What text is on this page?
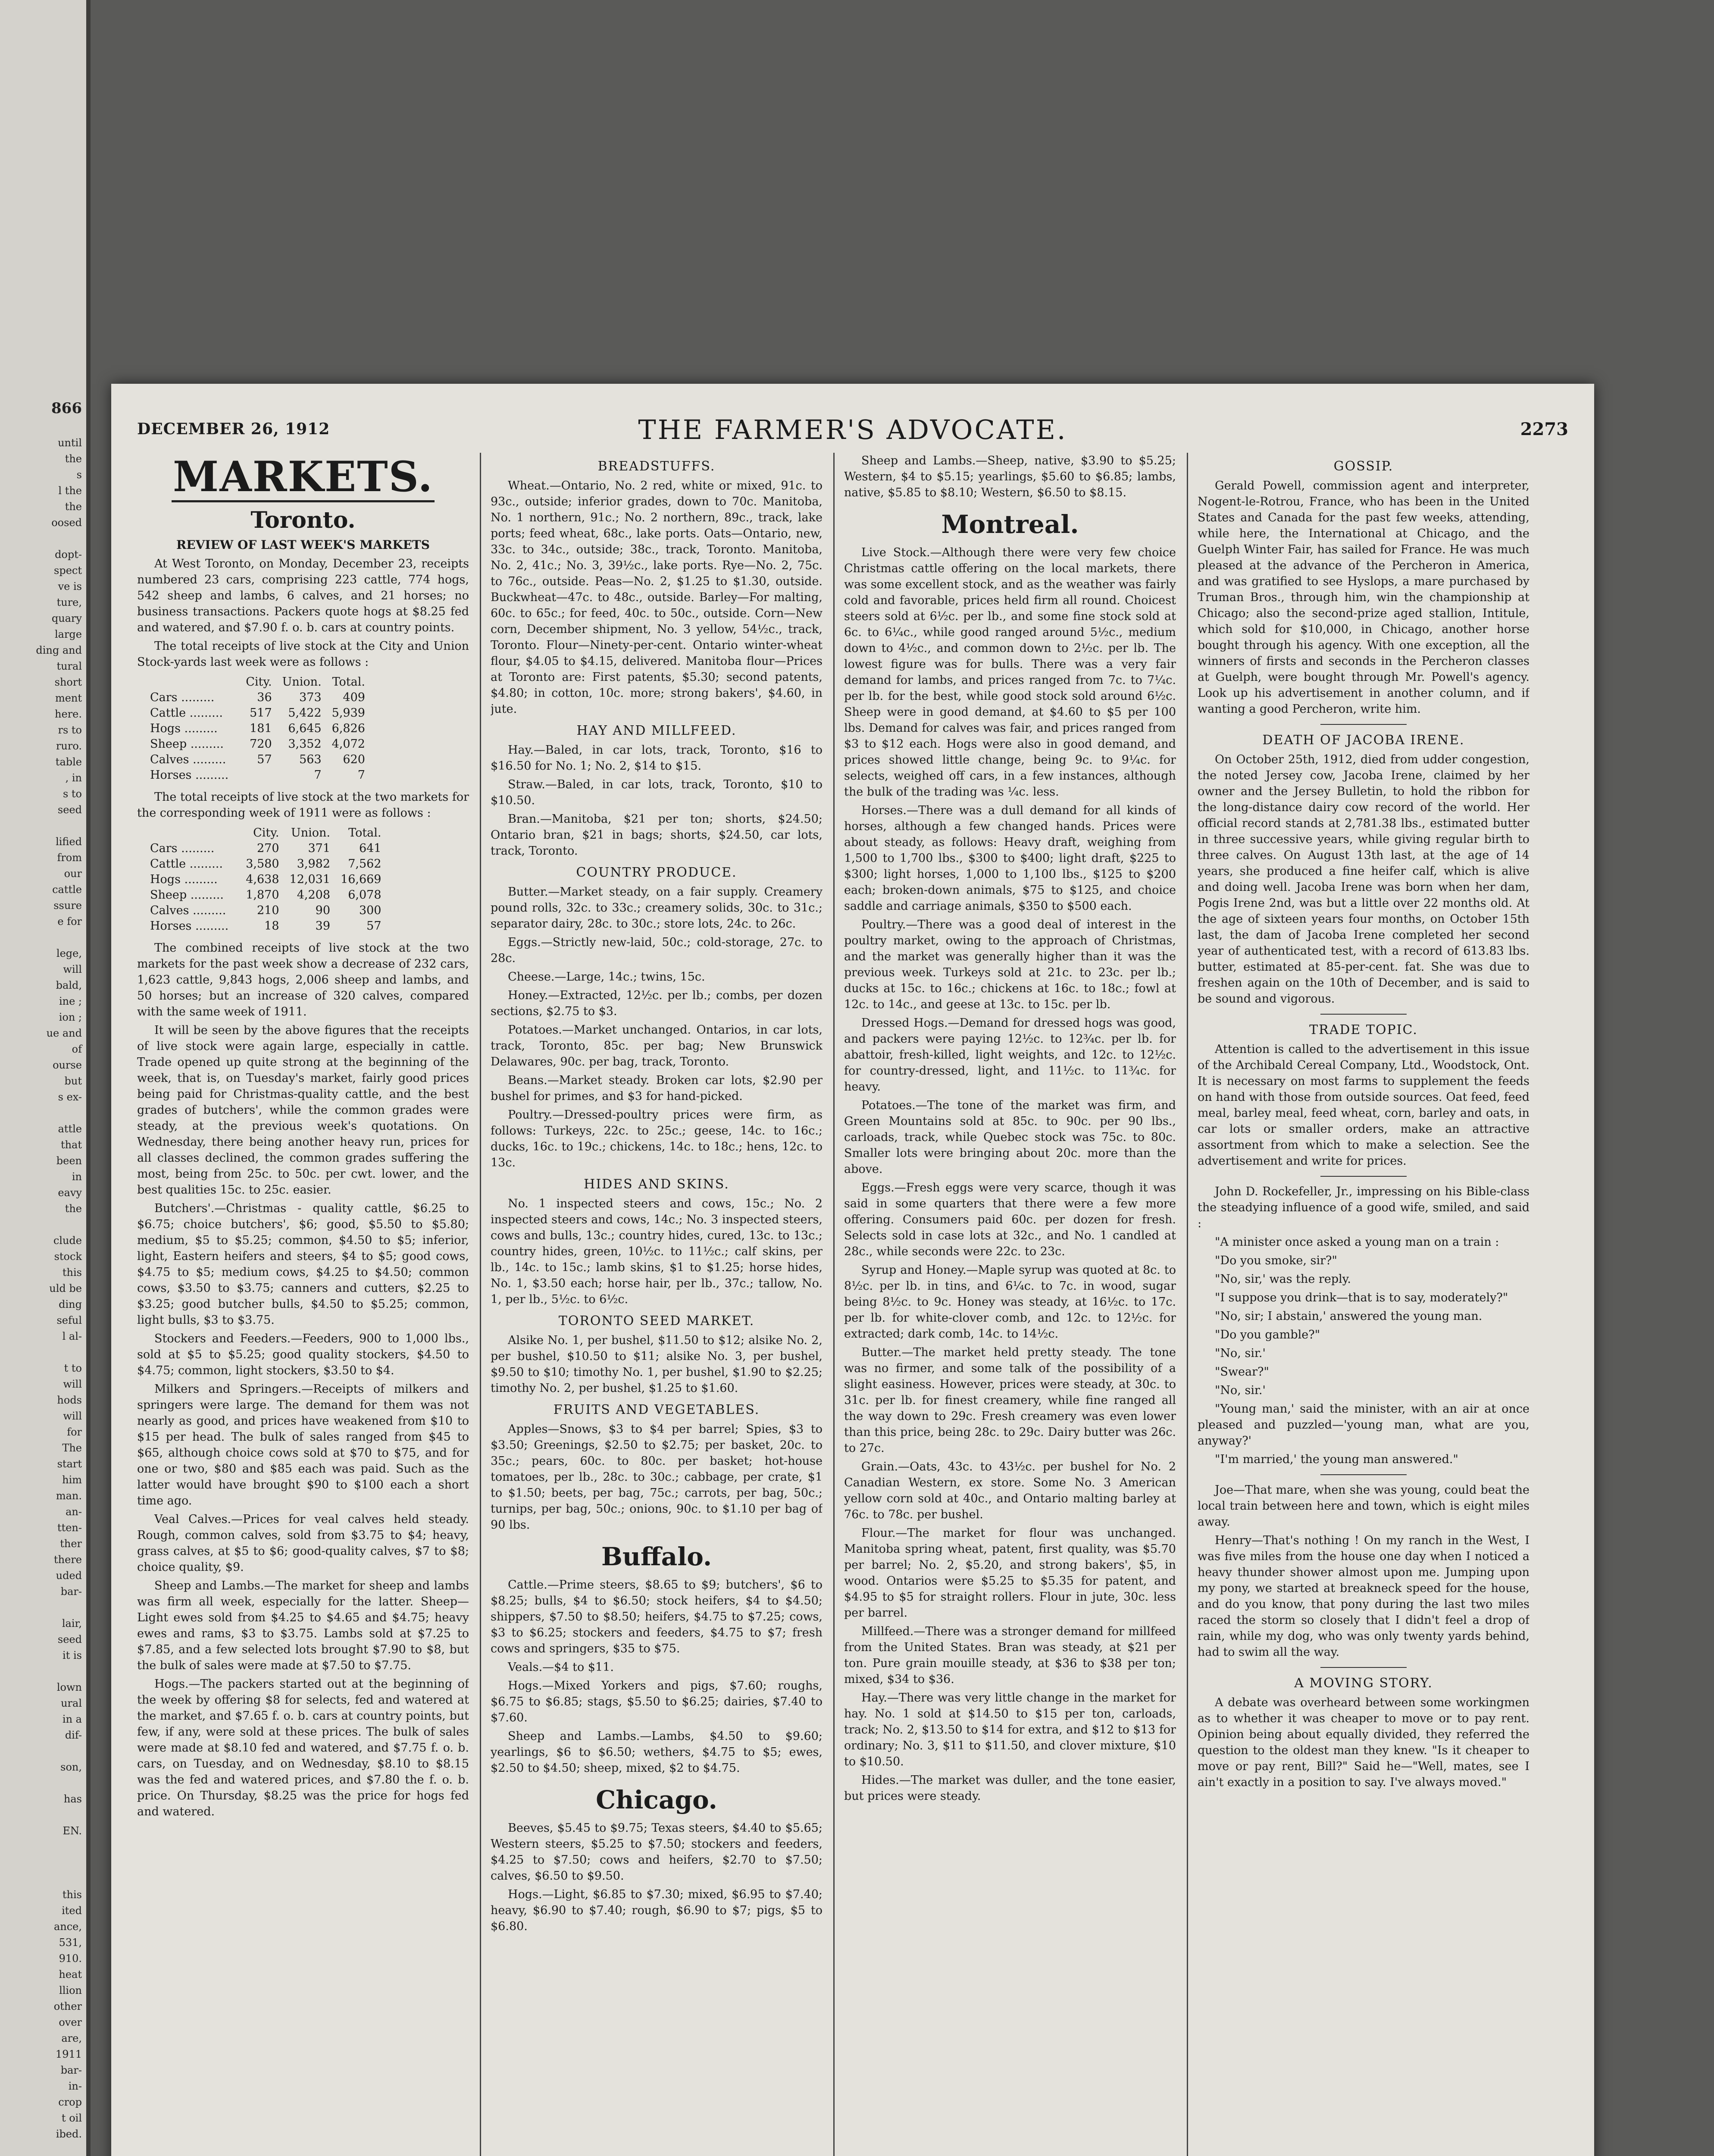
866
until
the
s
l the
the
oosed
dopt-
spect
ve is
ture,
quary
large
ding and
tural
short
ment
here.
rs to
ruro.
table
, in
s to
seed
lified
from
our
cattle
ssure
e for
lege,
will
bald,
ine ;
ion ;
ue and
of
ourse
but
s ex-
attle
that
been
in
eavy
the
clude
stock
this
uld be
ding
seful
l al-
t to
will
hods
will
for
The
start
him
man.
an-
tten-
ther
there
uded
bar-
lair,
seed
it is
lown
ural
in a
dif-
son,
has
EN.
this
ited
ance,
531,
910.
heat
llion
other
over
are,
1911
bar-
in-
crop
t oil
ibed.
DECEMBER 26, 1912	THE FARMER'S ADVOCATE.	2273
MARKETS.
Toronto.
REVIEW OF LAST WEEK'S MARKETS

At West Toronto, on Monday, December 23, receipts numbered 23 cars, comprising 223 cattle, 774 hogs, 542 sheep and lambs, 6 calves, and 21 horses; no business transactions. Packers quote hogs at $8.25 fed and watered, and $7.90 f. o. b. cars at country points.

The total receipts of live stock at the City and Union Stock-yards last week were as follows :

	City.	Union.	Total.
Cars .........	36	373	409
Cattle .........	517	5,422	5,939
Hogs .........	181	6,645	6,826
Sheep .........	720	3,352	4,072
Calves .........	57	563	620
Horses .........		7	7

The total receipts of live stock at the two markets for the corresponding week of 1911 were as follows :

	City.	Union.	Total.
Cars .........	270	371	641
Cattle .........	3,580	3,982	7,562
Hogs .........	4,638	12,031	16,669
Sheep .........	1,870	4,208	6,078
Calves .........	210	90	300
Horses .........	18	39	57

The combined receipts of live stock at the two markets for the past week show a decrease of 232 cars, 1,623 cattle, 9,843 hogs, 2,006 sheep and lambs, and 50 horses; but an increase of 320 calves, compared with the same week of 1911.

It will be seen by the above figures that the receipts of live stock were again large, especially in cattle. Trade opened up quite strong at the beginning of the week, that is, on Tuesday's market, fairly good prices being paid for Christmas-quality cattle, and the best grades of butchers', while the common grades were steady, at the previous week's quotations. On Wednesday, there being another heavy run, prices for all classes declined, the common grades suffering the most, being from 25c. to 50c. per cwt. lower, and the best qualities 15c. to 25c. easier.

Butchers'.—Christmas - quality cattle, $6.25 to $6.75; choice butchers', $6; good, $5.50 to $5.80; medium, $5 to $5.25; common, $4.50 to $5; inferior, light, Eastern heifers and steers, $4 to $5; good cows, $4.75 to $5; medium cows, $4.25 to $4.50; common cows, $3.50 to $3.75; canners and cutters, $2.25 to $3.25; good butcher bulls, $4.50 to $5.25; common, light bulls, $3 to $3.75.

Stockers and Feeders.—Feeders, 900 to 1,000 lbs., sold at $5 to $5.25; good quality stockers, $4.50 to $4.75; common, light stockers, $3.50 to $4.

Milkers and Springers.—Receipts of milkers and springers were large. The demand for them was not nearly as good, and prices have weakened from $10 to $15 per head. The bulk of sales ranged from $45 to $65, although choice cows sold at $70 to $75, and for one or two, $80 and $85 each was paid. Such as the latter would have brought $90 to $100 each a short time ago.

Veal Calves.—Prices for veal calves held steady. Rough, common calves, sold from $3.75 to $4; heavy, grass calves, at $5 to $6; good-quality calves, $7 to $8; choice quality, $9.

Sheep and Lambs.—The market for sheep and lambs was firm all week, especially for the latter. Sheep—Light ewes sold from $4.25 to $4.65 and $4.75; heavy ewes and rams, $3 to $3.75. Lambs sold at $7.25 to $7.85, and a few selected lots brought $7.90 to $8, but the bulk of sales were made at $7.50 to $7.75.

Hogs.—The packers started out at the beginning of the week by offering $8 for selects, fed and watered at the market, and $7.65 f. o. b. cars at country points, but few, if any, were sold at these prices. The bulk of sales were made at $8.10 fed and watered, and $7.75 f. o. b. cars, on Tuesday, and on Wednesday, $8.10 to $8.15 was the fed and watered prices, and $7.80 the f. o. b. price. On Thursday, $8.25 was the price for hogs fed and watered.

BREADSTUFFS.

Wheat.—Ontario, No. 2 red, white or mixed, 91c. to 93c., outside; inferior grades, down to 70c. Manitoba, No. 1 northern, 91c.; No. 2 northern, 89c., track, lake ports; feed wheat, 68c., lake ports. Oats—Ontario, new, 33c. to 34c., outside; 38c., track, Toronto. Manitoba, No. 2, 41c.; No. 3, 39½c., lake ports. Rye—No. 2, 75c. to 76c., outside. Peas—No. 2, $1.25 to $1.30, outside. Buckwheat—47c. to 48c., outside. Barley—For malting, 60c. to 65c.; for feed, 40c. to 50c., outside. Corn—New corn, December shipment, No. 3 yellow, 54½c., track, Toronto. Flour—Ninety-per-cent. Ontario winter-wheat flour, $4.05 to $4.15, delivered. Manitoba flour—Prices at Toronto are: First patents, $5.30; second patents, $4.80; in cotton, 10c. more; strong bakers', $4.60, in jute.

HAY AND MILLFEED.

Hay.—Baled, in car lots, track, Toronto, $16 to $16.50 for No. 1; No. 2, $14 to $15.

Straw.—Baled, in car lots, track, Toronto, $10 to $10.50.

Bran.—Manitoba, $21 per ton; shorts, $24.50; Ontario bran, $21 in bags; shorts, $24.50, car lots, track, Toronto.

COUNTRY PRODUCE.

Butter.—Market steady, on a fair supply. Creamery pound rolls, 32c. to 33c.; creamery solids, 30c. to 31c.; separator dairy, 28c. to 30c.; store lots, 24c. to 26c.

Eggs.—Strictly new-laid, 50c.; cold-storage, 27c. to 28c.

Cheese.—Large, 14c.; twins, 15c.

Honey.—Extracted, 12½c. per lb.; combs, per dozen sections, $2.75 to $3.

Potatoes.—Market unchanged. Ontarios, in car lots, track, Toronto, 85c. per bag; New Brunswick Delawares, 90c. per bag, track, Toronto.

Beans.—Market steady. Broken car lots, $2.90 per bushel for primes, and $3 for hand-picked.

Poultry.—Dressed-poultry prices were firm, as follows: Turkeys, 22c. to 25c.; geese, 14c. to 16c.; ducks, 16c. to 19c.; chickens, 14c. to 18c.; hens, 12c. to 13c.

HIDES AND SKINS.

No. 1 inspected steers and cows, 15c.; No. 2 inspected steers and cows, 14c.; No. 3 inspected steers, cows and bulls, 13c.; country hides, cured, 13c. to 13c.; country hides, green, 10½c. to 11½c.; calf skins, per lb., 14c. to 15c.; lamb skins, $1 to $1.25; horse hides, No. 1, $3.50 each; horse hair, per lb., 37c.; tallow, No. 1, per lb., 5½c. to 6½c.

TORONTO SEED MARKET.

Alsike No. 1, per bushel, $11.50 to $12; alsike No. 2, per bushel, $10.50 to $11; alsike No. 3, per bushel, $9.50 to $10; timothy No. 1, per bushel, $1.90 to $2.25; timothy No. 2, per bushel, $1.25 to $1.60.

FRUITS AND VEGETABLES.

Apples—Snows, $3 to $4 per barrel; Spies, $3 to $3.50; Greenings, $2.50 to $2.75; per basket, 20c. to 35c.; pears, 60c. to 80c. per basket; hot-house tomatoes, per lb., 28c. to 30c.; cabbage, per crate, $1 to $1.50; beets, per bag, 75c.; carrots, per bag, 50c.; turnips, per bag, 50c.; onions, 90c. to $1.10 per bag of 90 lbs.

Buffalo.

Cattle.—Prime steers, $8.65 to $9; butchers', $6 to $8.25; bulls, $4 to $6.50; stock heifers, $4 to $4.50; shippers, $7.50 to $8.50; heifers, $4.75 to $7.25; cows, $3 to $6.25; stockers and feeders, $4.75 to $7; fresh cows and springers, $35 to $75.

Veals.—$4 to $11.

Hogs.—Mixed Yorkers and pigs, $7.60; roughs, $6.75 to $6.85; stags, $5.50 to $6.25; dairies, $7.40 to $7.60.

Sheep and Lambs.—Lambs, $4.50 to $9.60; yearlings, $6 to $6.50; wethers, $4.75 to $5; ewes, $2.50 to $4.50; sheep, mixed, $2 to $4.75.

Chicago.

Beeves, $5.45 to $9.75; Texas steers, $4.40 to $5.65; Western steers, $5.25 to $7.50; stockers and feeders, $4.25 to $7.50; cows and heifers, $2.70 to $7.50; calves, $6.50 to $9.50.

Hogs.—Light, $6.85 to $7.30; mixed, $6.95 to $7.40; heavy, $6.90 to $7.40; rough, $6.90 to $7; pigs, $5 to $6.80.

Sheep and Lambs.—Sheep, native, $3.90 to $5.25; Western, $4 to $5.15; yearlings, $5.60 to $6.85; lambs, native, $5.85 to $8.10; Western, $6.50 to $8.15.

Montreal.

Live Stock.—Although there were very few choice Christmas cattle offering on the local markets, there was some excellent stock, and as the weather was fairly cold and favorable, prices held firm all round. Choicest steers sold at 6½c. per lb., and some fine stock sold at 6c. to 6¼c., while good ranged around 5½c., medium down to 4½c., and common down to 2½c. per lb. The lowest figure was for bulls. There was a very fair demand for lambs, and prices ranged from 7c. to 7¼c. per lb. for the best, while good stock sold around 6½c. Sheep were in good demand, at $4.60 to $5 per 100 lbs. Demand for calves was fair, and prices ranged from $3 to $12 each. Hogs were also in good demand, and prices showed little change, being 9c. to 9¼c. for selects, weighed off cars, in a few instances, although the bulk of the trading was ¼c. less.

Horses.—There was a dull demand for all kinds of horses, although a few changed hands. Prices were about steady, as follows: Heavy draft, weighing from 1,500 to 1,700 lbs., $300 to $400; light draft, $225 to $300; light horses, 1,000 to 1,100 lbs., $125 to $200 each; broken-down animals, $75 to $125, and choice saddle and carriage animals, $350 to $500 each.

Poultry.—There was a good deal of interest in the poultry market, owing to the approach of Christmas, and the market was generally higher than it was the previous week. Turkeys sold at 21c. to 23c. per lb.; ducks at 15c. to 16c.; chickens at 16c. to 18c.; fowl at 12c. to 14c., and geese at 13c. to 15c. per lb.

Dressed Hogs.—Demand for dressed hogs was good, and packers were paying 12½c. to 12¾c. per lb. for abattoir, fresh-killed, light weights, and 12c. to 12½c. for country-dressed, light, and 11½c. to 11¾c. for heavy.

Potatoes.—The tone of the market was firm, and Green Mountains sold at 85c. to 90c. per 90 lbs., carloads, track, while Quebec stock was 75c. to 80c. Smaller lots were bringing about 20c. more than the above.

Eggs.—Fresh eggs were very scarce, though it was said in some quarters that there were a few more offering. Consumers paid 60c. per dozen for fresh. Selects sold in case lots at 32c., and No. 1 candled at 28c., while seconds were 22c. to 23c.

Syrup and Honey.—Maple syrup was quoted at 8c. to 8½c. per lb. in tins, and 6¼c. to 7c. in wood, sugar being 8½c. to 9c. Honey was steady, at 16½c. to 17c. per lb. for white-clover comb, and 12c. to 12½c. for extracted; dark comb, 14c. to 14½c.

Butter.—The market held pretty steady. The tone was no firmer, and some talk of the possibility of a slight easiness. However, prices were steady, at 30c. to 31c. per lb. for finest creamery, while fine ranged all the way down to 29c. Fresh creamery was even lower than this price, being 28c. to 29c. Dairy butter was 26c. to 27c.

Grain.—Oats, 43c. to 43½c. per bushel for No. 2 Canadian Western, ex store. Some No. 3 American yellow corn sold at 40c., and Ontario malting barley at 76c. to 78c. per bushel.

Flour.—The market for flour was unchanged. Manitoba spring wheat, patent, first quality, was $5.70 per barrel; No. 2, $5.20, and strong bakers', $5, in wood. Ontarios were $5.25 to $5.35 for patent, and $4.95 to $5 for straight rollers. Flour in jute, 30c. less per barrel.

Millfeed.—There was a stronger demand for millfeed from the United States. Bran was steady, at $21 per ton. Pure grain mouille steady, at $36 to $38 per ton; mixed, $34 to $36.

Hay.—There was very little change in the market for hay. No. 1 sold at $14.50 to $15 per ton, carloads, track; No. 2, $13.50 to $14 for extra, and $12 to $13 for ordinary; No. 3, $11 to $11.50, and clover mixture, $10 to $10.50.

Hides.—The market was duller, and the tone easier, but prices were steady.

GOSSIP.

Gerald Powell, commission agent and interpreter, Nogent-le-Rotrou, France, who has been in the United States and Canada for the past few weeks, attending, while here, the International at Chicago, and the Guelph Winter Fair, has sailed for France. He was much pleased at the advance of the Percheron in America, and was gratified to see Hyslops, a mare purchased by Truman Bros., through him, win the championship at Chicago; also the second-prize aged stallion, Intitule, which sold for $10,000, in Chicago, another horse bought through his agency. With one exception, all the winners of firsts and seconds in the Percheron classes at Guelph, were bought through Mr. Powell's agency. Look up his advertisement in another column, and if wanting a good Percheron, write him.

DEATH OF JACOBA IRENE.

On October 25th, 1912, died from udder congestion, the noted Jersey cow, Jacoba Irene, claimed by her owner and the Jersey Bulletin, to hold the ribbon for the long-distance dairy cow record of the world. Her official record stands at 2,781.38 lbs., estimated butter in three successive years, while giving regular birth to three calves. On August 13th last, at the age of 14 years, she produced a fine heifer calf, which is alive and doing well. Jacoba Irene was born when her dam, Pogis Irene 2nd, was but a little over 22 months old. At the age of sixteen years four months, on October 15th last, the dam of Jacoba Irene completed her second year of authenticated test, with a record of 613.83 lbs. butter, estimated at 85-per-cent. fat. She was due to freshen again on the 10th of December, and is said to be sound and vigorous.

TRADE TOPIC.

Attention is called to the advertisement in this issue of the Archibald Cereal Company, Ltd., Woodstock, Ont. It is necessary on most farms to supplement the feeds on hand with those from outside sources. Oat feed, feed meal, barley meal, feed wheat, corn, barley and oats, in car lots or smaller orders, make an attractive assortment from which to make a selection. See the advertisement and write for prices.

John D. Rockefeller, Jr., impressing on his Bible-class the steadying influence of a good wife, smiled, and said :

"A minister once asked a young man on a train :

"Do you smoke, sir?"

"No, sir,' was the reply.

"I suppose you drink—that is to say, moderately?"

"No, sir; I abstain,' answered the young man.

"Do you gamble?"

"No, sir.'

"Swear?"

"No, sir.'

"Young man,' said the minister, with an air at once pleased and puzzled—'young man, what are you, anyway?'

"I'm married,' the young man answered."

Joe—That mare, when she was young, could beat the local train between here and town, which is eight miles away.

Henry—That's nothing ! On my ranch in the West, I was five miles from the house one day when I noticed a heavy thunder shower almost upon me. Jumping upon my pony, we started at breakneck speed for the house, and do you know, that pony during the last two miles raced the storm so closely that I didn't feel a drop of rain, while my dog, who was only twenty yards behind, had to swim all the way.

A MOVING STORY.

A debate was overheard between some workingmen as to whether it was cheaper to move or to pay rent. Opinion being about equally divided, they referred the question to the oldest man they knew. "Is it cheaper to move or pay rent, Bill?" Said he—"Well, mates, see I ain't exactly in a position to say. I've always moved."
